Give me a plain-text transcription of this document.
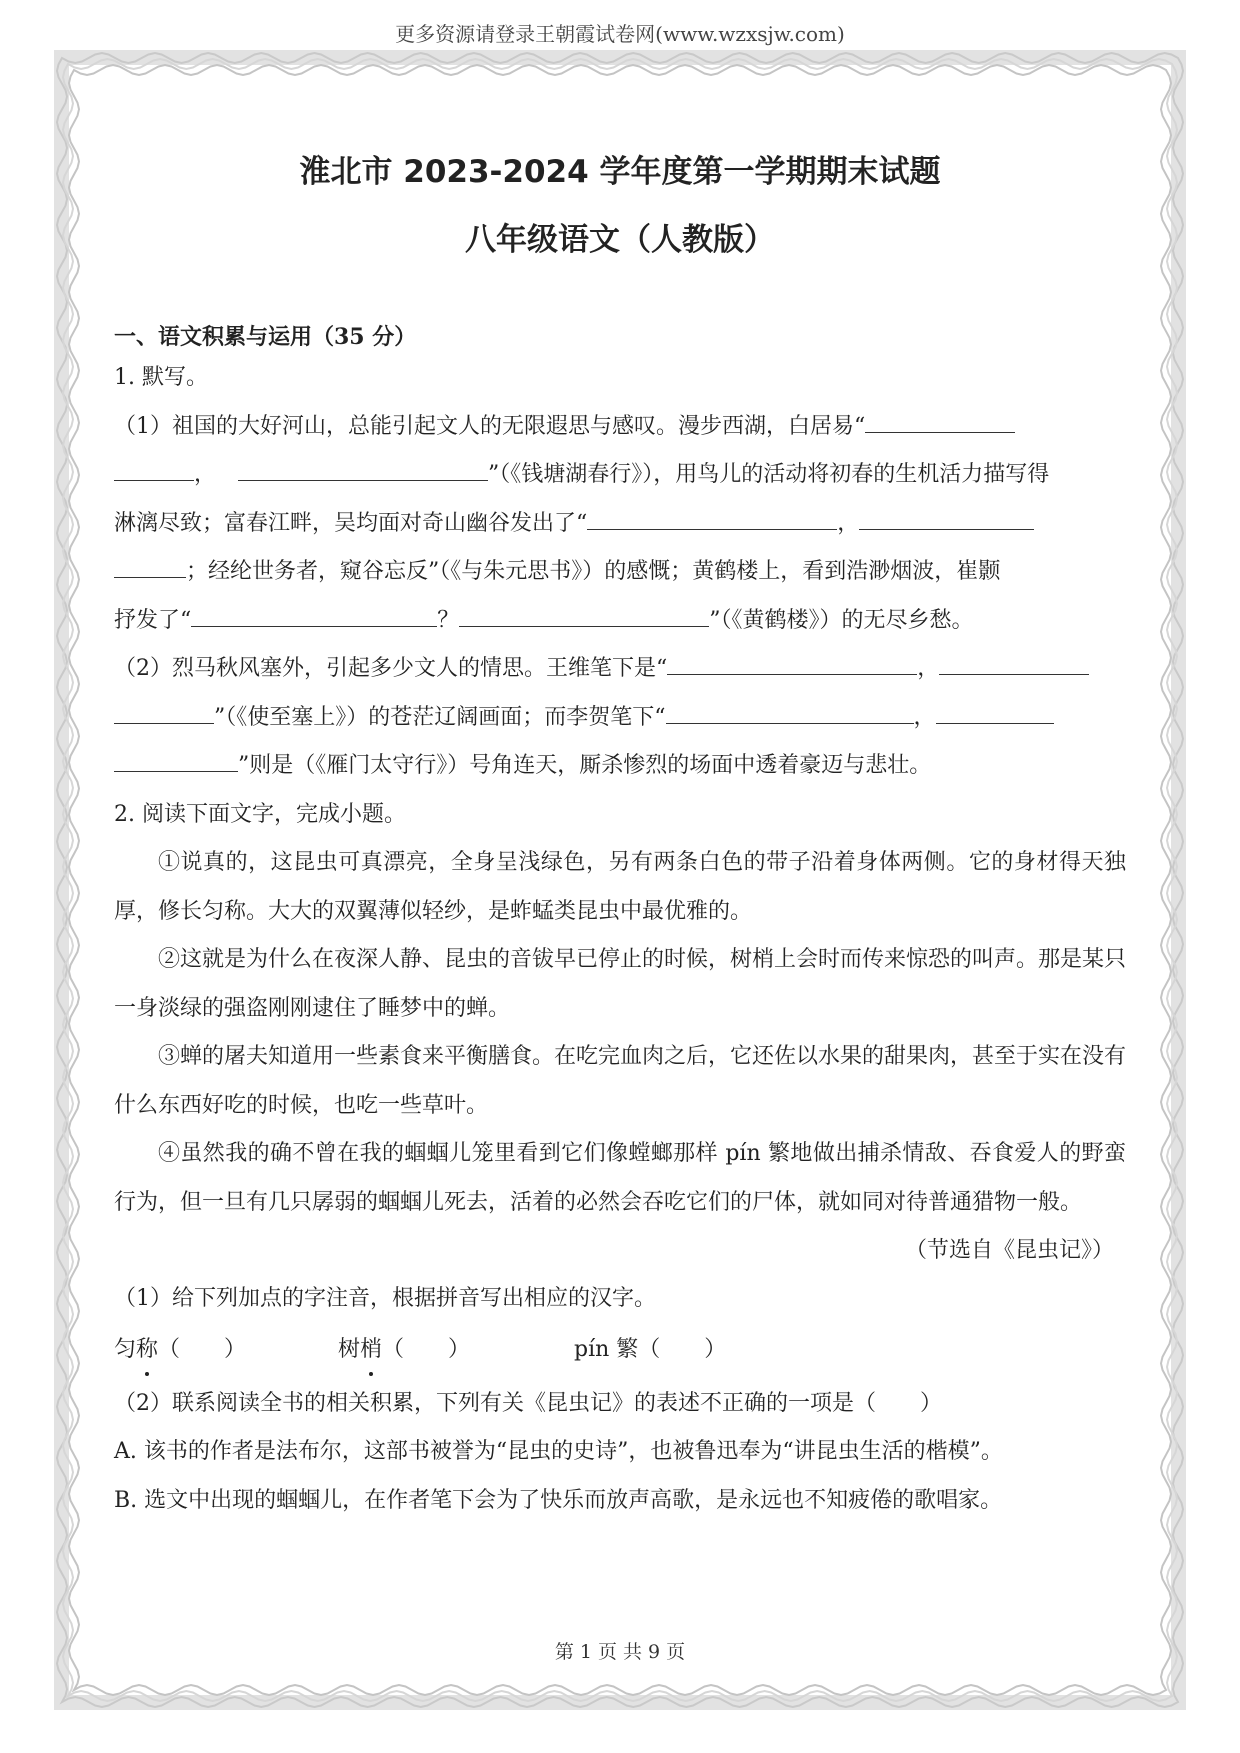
更多资源请登录王朝霞试卷网(www.wzxsjw.com)
淮北市 2023-2024 学年度第一学期期末试题
八年级语文（人教版）
一、语文积累与运用（35 分）

1. 默写。

（1）祖国的大好河山，总能引起文人的无限遐思与感叹。漫步西湖，白居易“
， 	”（《钱塘湖春行》），用鸟儿的活动将初春的生机活力描写得
淋漓尽致；富春江畔，吴均面对奇山幽谷发出了“	，
；经纶世务者，窥谷忘反”（《与朱元思书》）的感慨；黄鹤楼上，看到浩渺烟波，崔颢
抒发了“	？	”（《黄鹤楼》）的无尽乡愁。

（2）烈马秋风塞外，引起多少文人的情思。王维笔下是“	，
”（《使至塞上》）的苍茫辽阔画面；而李贺笔下“	，
”则是（《雁门太守行》）号角连天，厮杀惨烈的场面中透着豪迈与悲壮。

2. 阅读下面文字，完成小题。

①说真的，这昆虫可真漂亮，全身呈浅绿色，另有两条白色的带子沿着身体两侧。它的身材得天独厚，修长匀称。大大的双翼薄似轻纱，是蚱蜢类昆虫中最优雅的。

②这就是为什么在夜深人静、昆虫的音钹早已停止的时候，树梢上会时而传来惊恐的叫声。那是某只一身淡绿的强盗刚刚逮住了睡梦中的蝉。

③蝉的屠夫知道用一些素食来平衡膳食。在吃完血肉之后，它还佐以水果的甜果肉，甚至于实在没有什么东西好吃的时候，也吃一些草叶。

④虽然我的确不曾在我的蝈蝈儿笼里看到它们像螳螂那样 pín 繁地做出捕杀情敌、吞食爱人的野蛮行为，但一旦有几只孱弱的蝈蝈儿死去，活着的必然会吞吃它们的尸体，就如同对待普通猎物一般。

（节选自《昆虫记》）

（1）给下列加点的字注音，根据拼音写出相应的汉字。

匀称（　　）	树梢（　　）	pín 繁（　　）

（2）联系阅读全书的相关积累，下列有关《昆虫记》的表述不正确的一项是（　　）

A. 该书的作者是法布尔，这部书被誉为“昆虫的史诗”，也被鲁迅奉为“讲昆虫生活的楷模”。

B. 选文中出现的蝈蝈儿，在作者笔下会为了快乐而放声高歌，是永远也不知疲倦的歌唱家。

第 1 页 共 9 页
